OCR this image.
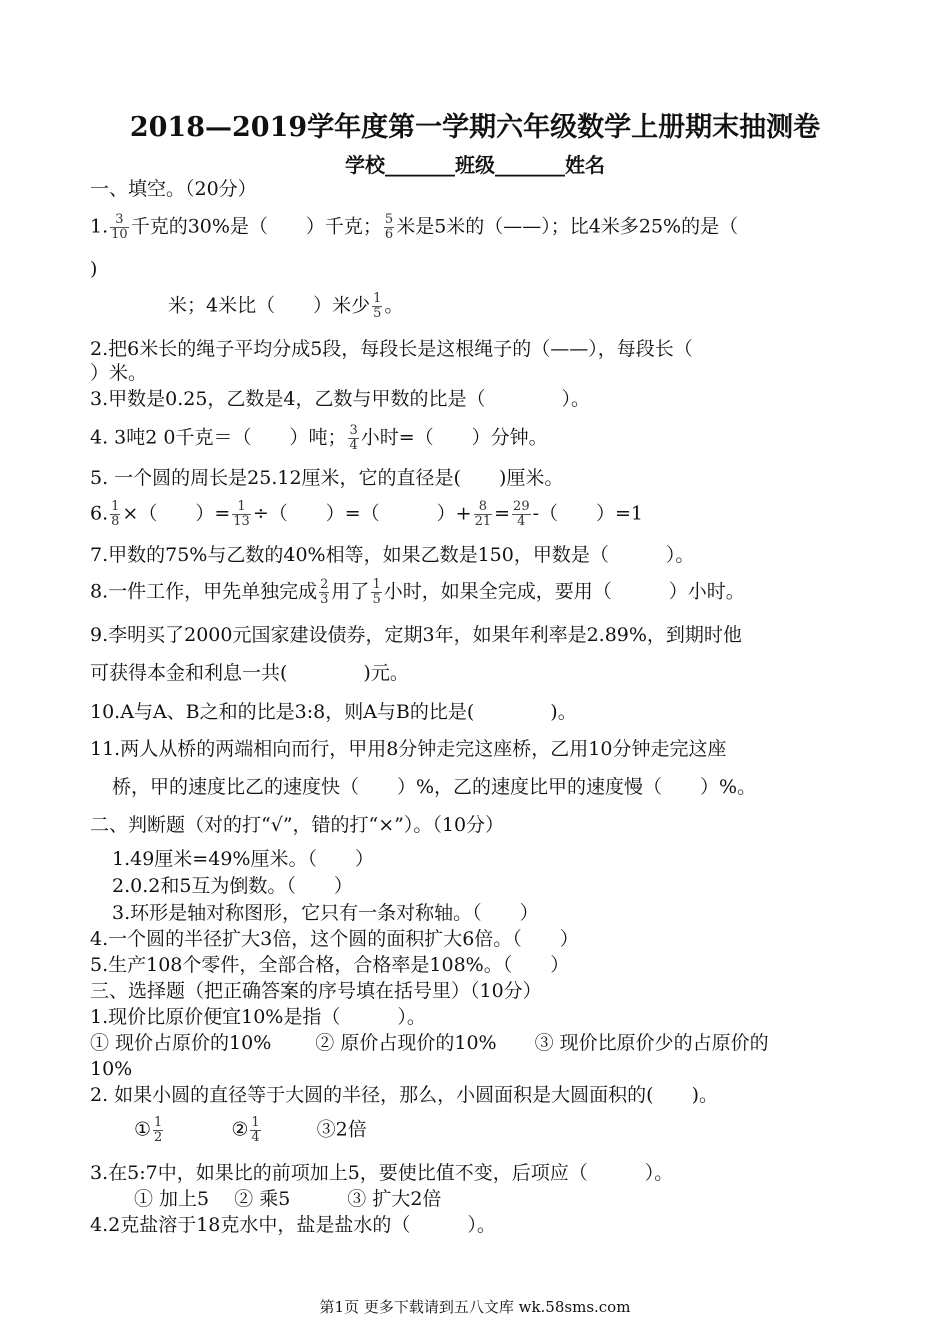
2018—2019学年度第一学期六年级数学上册期末抽测卷
学校_______班级_______姓名
一、填空。（20分）
1. $\frac{3}{10}$ 千克的30%是（　　）千克； $\frac{5}{6}$ 米是5米的（——）；比4米多25%的是（
)
米；4米比（　　）米少 $\frac{1}{5}$ 。
2.把6米长的绳子平均分成5段，每段长是这根绳子的（——），每段长（
）米。
3.甲数是0.25，乙数是4，乙数与甲数的比是（　　　　）。
4. 3吨2 0千克＝（　　）吨； $\frac{3}{4}$ 小时=（　　）分钟。
5. 一个圆的周长是25.12厘米，它的直径是(　　)厘米。
6. $\frac{1}{8}$ ×（　　）= $\frac{1}{13}$ ÷（　　）=（　　　）+ $\frac{8}{21} = \frac{29}{4}$ -（　　）=1
7.甲数的75%与乙数的40%相等，如果乙数是150，甲数是（　　　）。
8.一件工作，甲先单独完成 $\frac{2}{3}$ 用了 $\frac{1}{5}$ 小时，如果全完成，要用（　　　）小时。
9.李明买了2000元国家建设债券，定期3年，如果年利率是2.89%，到期时他
可获得本金和利息一共(　　　　)元。
10.A与A、B之和的比是3:8，则A与B的比是(　　　　)。
11.两人从桥的两端相向而行，甲用8分钟走完这座桥，乙用10分钟走完这座
桥，甲的速度比乙的速度快（　　）%，乙的速度比甲的速度慢（　　）%。
二、判断题（对的打“√”，错的打“×”）。（10分）
1.49厘米=49%厘米。（　　）
2.0.2和5互为倒数。（　　）
3.环形是轴对称图形，它只有一条对称轴。（　　）
4.一个圆的半径扩大3倍，这个圆的面积扩大6倍。（　　）
5.生产108个零件，全部合格，合格率是108%。（　　）
三、选择题（把正确答案的序号填在括号里）（10分）
1.现价比原价便宜10%是指（　　　）。
① 现价占原价的10%　　 ② 原价占现价的10%　　③ 现价比原价少的占原价的
10%
2. 如果小圆的直径等于大圆的半径，那么，小圆面积是大圆面积的(　　)。
① $\frac{1}{2}$	② $\frac{1}{4}$	③2倍
3.在5:7中，如果比的前项加上5，要使比值不变，后项应（　　　）。
① 加上5　 ② 乘5　　　③ 扩大2倍
4.2克盐溶于18克水中，盐是盐水的（　　　）。
第1页 更多下载请到五八文库 wk.58sms.com
